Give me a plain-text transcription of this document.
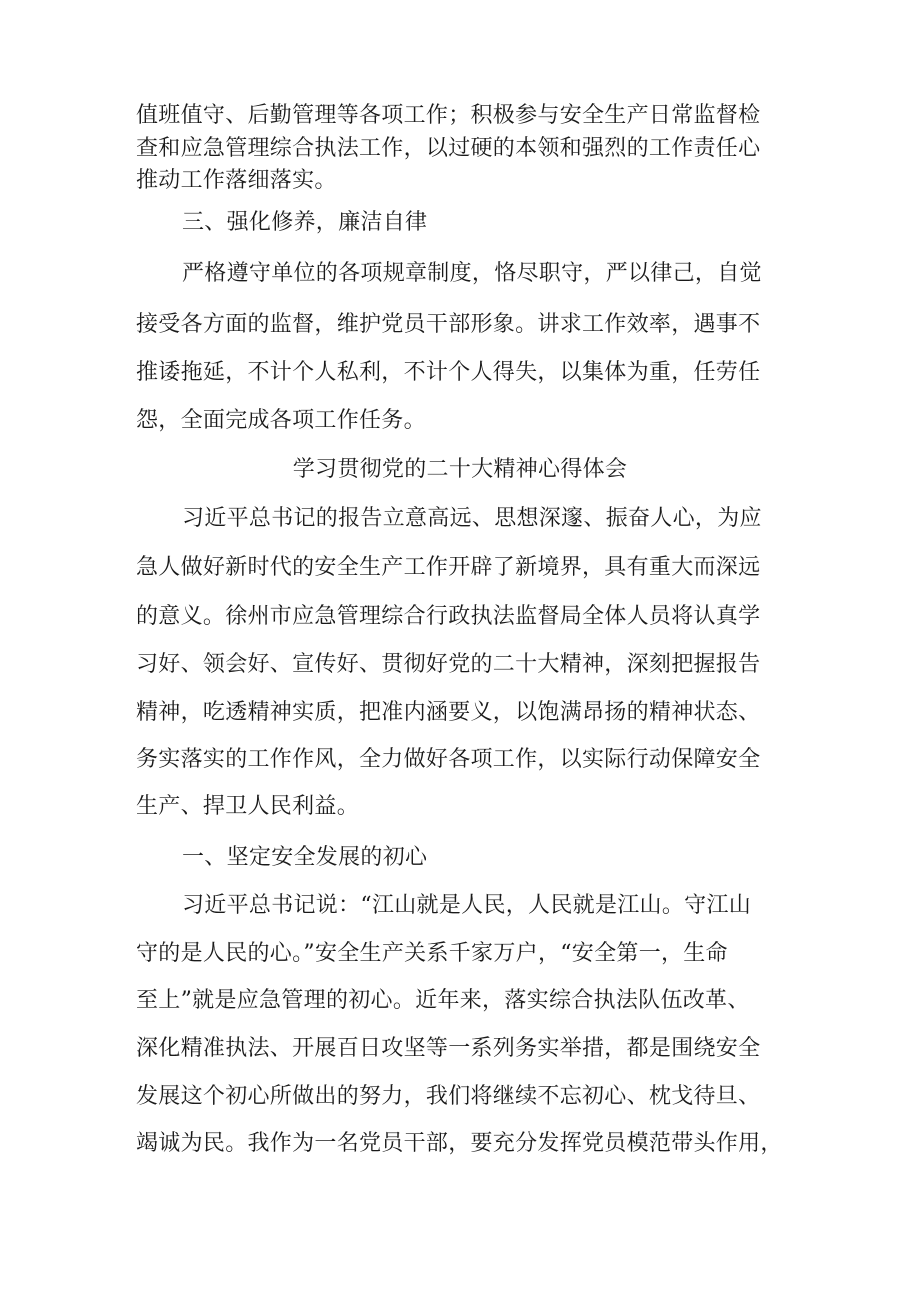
值班值守、后勤管理等各项工作；积极参与安全生产日常监督检
查和应急管理综合执法工作，以过硬的本领和强烈的工作责任心
推动工作落细落实。
三、强化修养，廉洁自律
严格遵守单位的各项规章制度，恪尽职守，严以律己，自觉
接受各方面的监督，维护党员干部形象。讲求工作效率，遇事不
推诿拖延，不计个人私利，不计个人得失，以集体为重，任劳任
怨，全面完成各项工作任务。
学习贯彻党的二十大精神心得体会
习近平总书记的报告立意高远、思想深邃、振奋人心，为应
急人做好新时代的安全生产工作开辟了新境界，具有重大而深远
的意义。徐州市应急管理综合行政执法监督局全体人员将认真学
习好、领会好、宣传好、贯彻好党的二十大精神，深刻把握报告
精神，吃透精神实质，把准内涵要义，以饱满昂扬的精神状态、
务实落实的工作作风，全力做好各项工作，以实际行动保障安全
生产、捍卫人民利益。
一、坚定安全发展的初心
习近平总书记说：“江山就是人民，人民就是江山。守江山
守的是人民的心。”安全生产关系千家万户，“安全第一，生命
至上”就是应急管理的初心。近年来，落实综合执法队伍改革、
深化精准执法、开展百日攻坚等一系列务实举措，都是围绕安全
发展这个初心所做出的努力，我们将继续不忘初心、枕戈待旦、
竭诚为民。我作为一名党员干部，要充分发挥党员模范带头作用，
